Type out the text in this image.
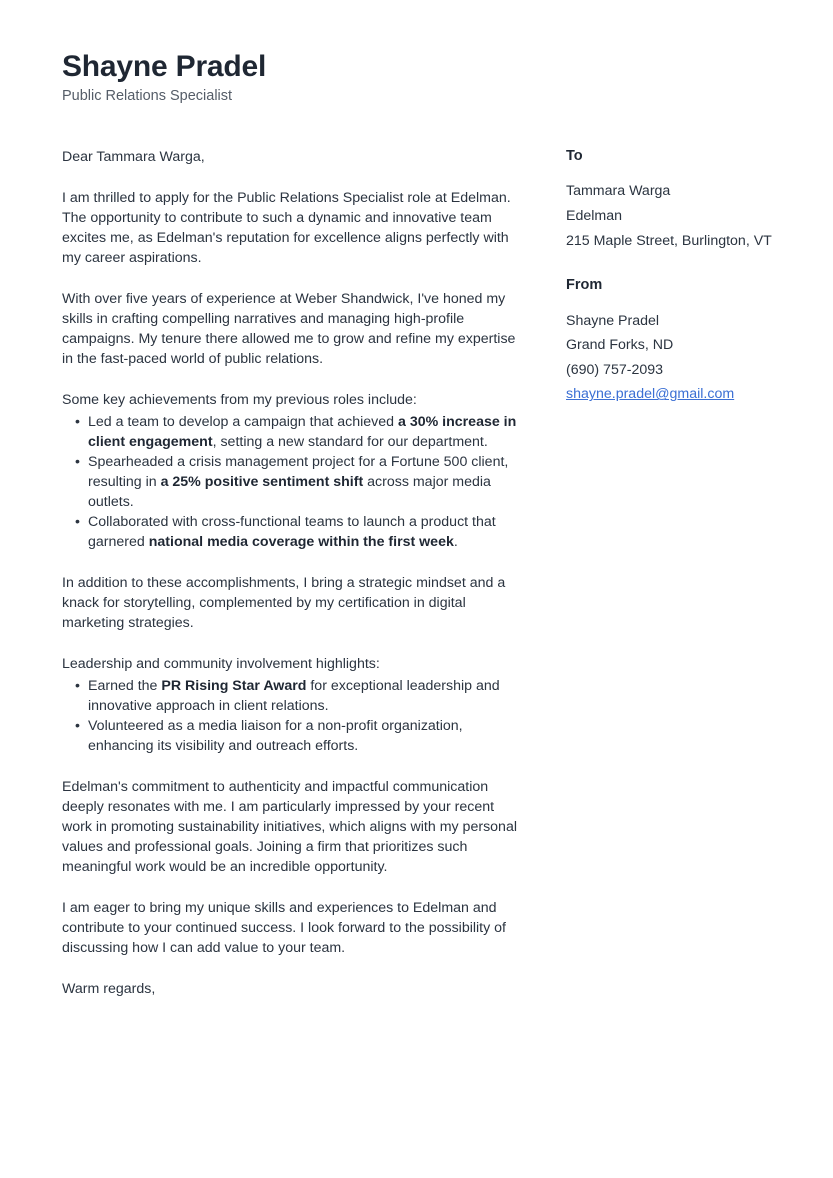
Shayne Pradel
Public Relations Specialist

Dear Tammara Warga,

I am thrilled to apply for the Public Relations Specialist role at Edelman. The opportunity to contribute to such a dynamic and innovative team excites me, as Edelman's reputation for excellence aligns perfectly with my career aspirations.

With over five years of experience at Weber Shandwick, I've honed my skills in crafting compelling narratives and managing high-profile campaigns. My tenure there allowed me to grow and refine my expertise in the fast-paced world of public relations.

Some key achievements from my previous roles include:

• Led a team to develop a campaign that achieved a 30% increase in client engagement, setting a new standard for our department.
• Spearheaded a crisis management project for a Fortune 500 client, resulting in a 25% positive sentiment shift across major media outlets.
• Collaborated with cross-functional teams to launch a product that garnered national media coverage within the first week.

In addition to these accomplishments, I bring a strategic mindset and a knack for storytelling, complemented by my certification in digital marketing strategies.

Leadership and community involvement highlights:

• Earned the PR Rising Star Award for exceptional leadership and innovative approach in client relations.
• Volunteered as a media liaison for a non-profit organization, enhancing its visibility and outreach efforts.

Edelman's commitment to authenticity and impactful communication deeply resonates with me. I am particularly impressed by your recent work in promoting sustainability initiatives, which aligns with my personal values and professional goals. Joining a firm that prioritizes such meaningful work would be an incredible opportunity.

I am eager to bring my unique skills and experiences to Edelman and contribute to your continued success. I look forward to the possibility of discussing how I can add value to your team.

Warm regards,

To
Tammara Warga
Edelman
215 Maple Street, Burlington, VT
From
Shayne Pradel
Grand Forks, ND
(690) 757-2093
shayne.pradel@gmail.com
